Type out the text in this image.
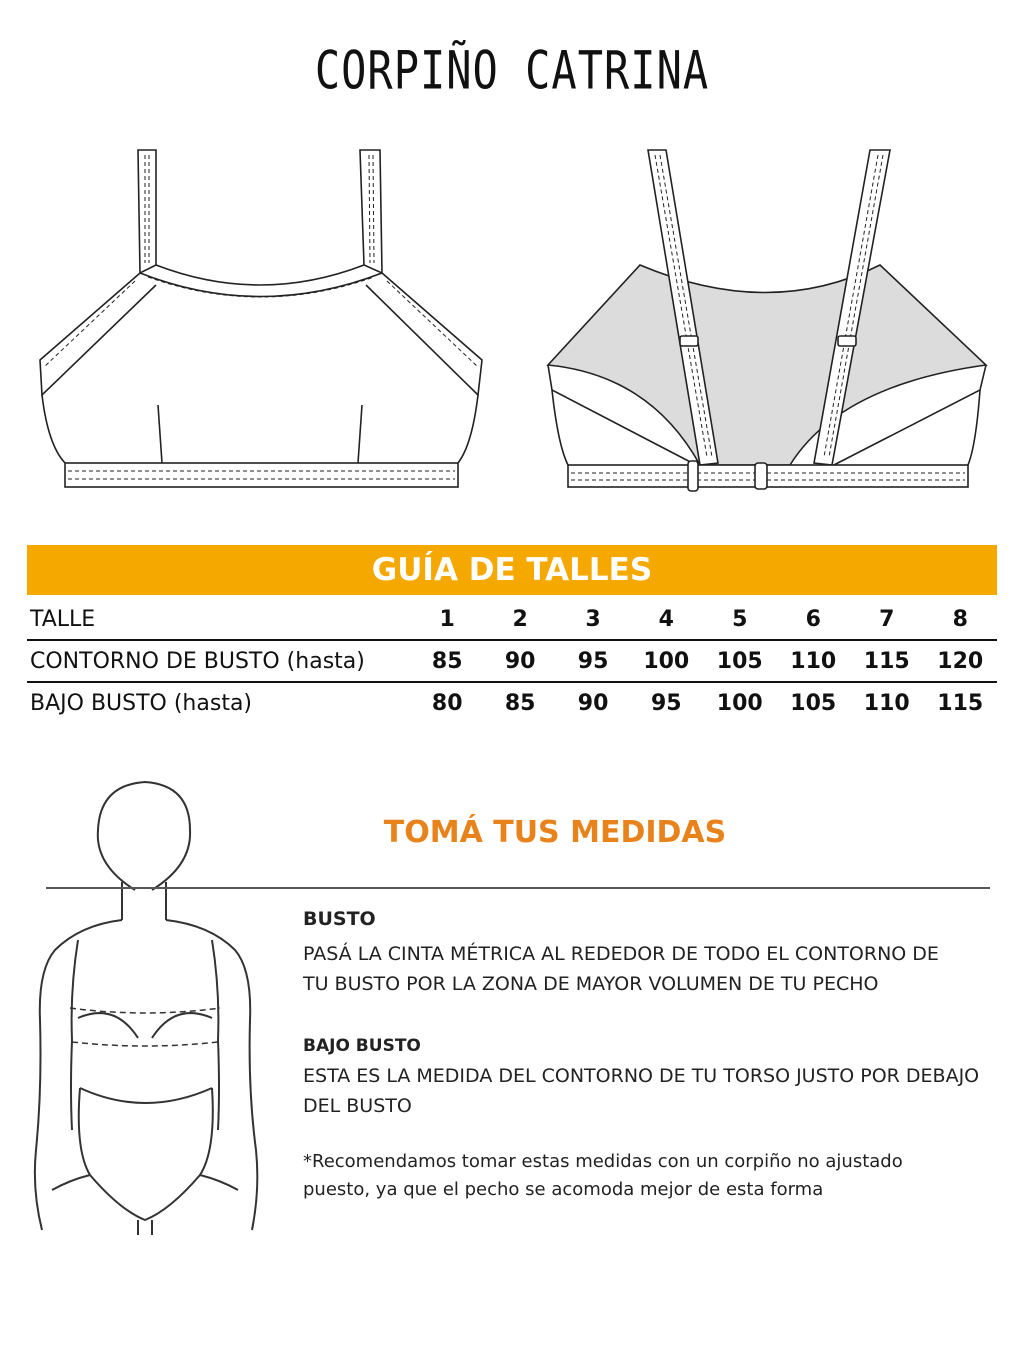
CORPIÑO CATRINA
GUÍA DE TALLES
TALLE	1	2	3	4	5	6	7	8
CONTORNO DE BUSTO (hasta)	85	90	95	100	105	110	115	120
BAJO BUSTO (hasta)	80	85	90	95	100	105	110	115
TOMÁ TUS MEDIDAS
BUSTO
PASÁ LA CINTA MÉTRICA AL REDEDOR DE TODO EL CONTORNO DE
TU BUSTO POR LA ZONA DE MAYOR VOLUMEN DE TU PECHO
BAJO BUSTO
ESTA ES LA MEDIDA DEL CONTORNO DE TU TORSO JUSTO POR DEBAJO
DEL BUSTO
*Recomendamos tomar estas medidas con un corpiño no ajustado
puesto, ya que el pecho se acomoda mejor de esta forma
